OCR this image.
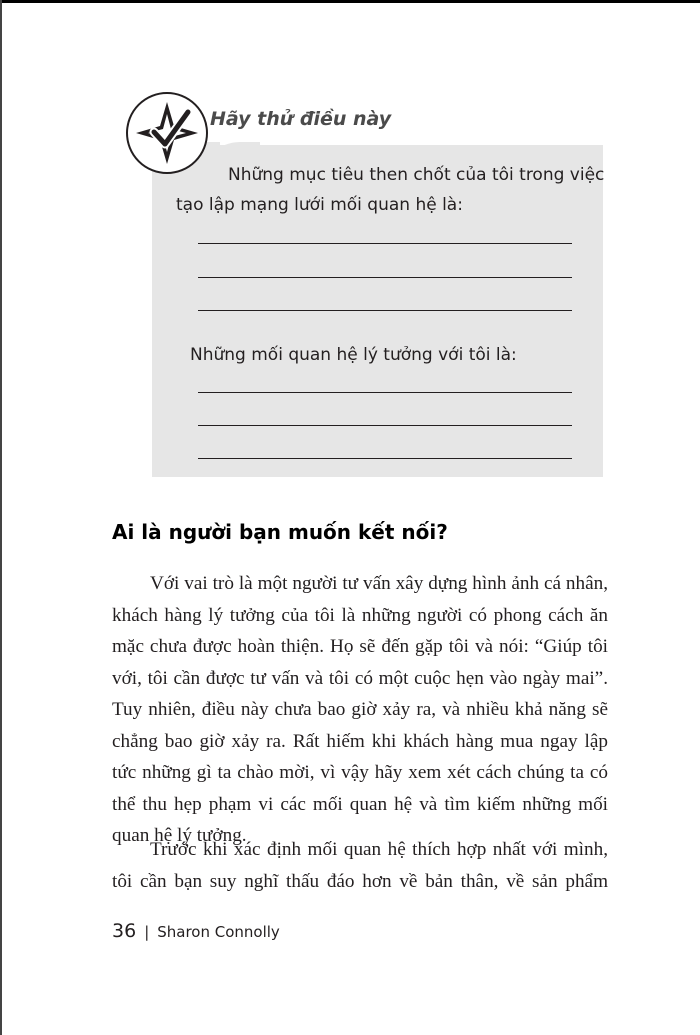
Hãy thử điều này
Những mục tiêu then chốt của tôi trong việc
tạo lập mạng lưới mối quan hệ là:
Những mối quan hệ lý tưởng với tôi là:
Ai là người bạn muốn kết nối?
Với vai trò là một người tư vấn xây dựng hình ảnh cá nhân,
khách hàng lý tưởng của tôi là những người có phong cách ăn
mặc chưa được hoàn thiện. Họ sẽ đến gặp tôi và nói: “Giúp tôi
với, tôi cần được tư vấn và tôi có một cuộc hẹn vào ngày mai”.
Tuy nhiên, điều này chưa bao giờ xảy ra, và nhiều khả năng sẽ
chẳng bao giờ xảy ra. Rất hiếm khi khách hàng mua ngay lập
tức những gì ta chào mời, vì vậy hãy xem xét cách chúng ta có
thể thu hẹp phạm vi các mối quan hệ và tìm kiếm những mối
quan hệ lý tưởng.
Trước khi xác định mối quan hệ thích hợp nhất với mình,
tôi cần bạn suy nghĩ thấu đáo hơn về bản thân, về sản phẩm
36 | Sharon Connolly
